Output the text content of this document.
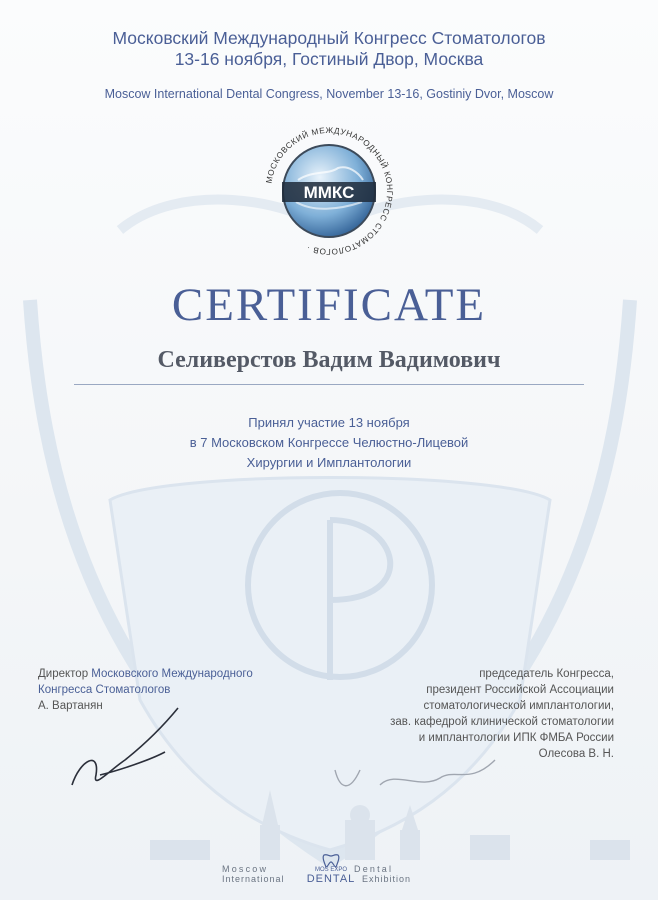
Московский Международный Конгресс Стоматологов
13-16 ноября, Гостиный Двор, Москва
Moscow International Dental Congress, November 13-16, Gostiniy Dvor, Moscow
МОСКОВСКИЙ МЕЖДУНАРОДНЫЙ КОНГРЕСС СТОМАТОЛОГОВ ·
ММКС
CERTIFICATE
Селиверстов Вадим Вадимович
Принял участие 13 ноября
в 7 Московском Конгрессе Челюстно-Лицевой
Хирургии и Имплантологии
Директор Московского Международного
Конгресса Стоматологов
А. Вартанян
председатель Конгресса,
президент Российской Ассоциации
стоматологической имплантологии,
зав. кафедрой клинической стоматологии
и имплантологии ИПК ФМБА России
Олесова В. Н.
Moscow
International
MOS EXPO
DENTAL
Dental
Exhibition
